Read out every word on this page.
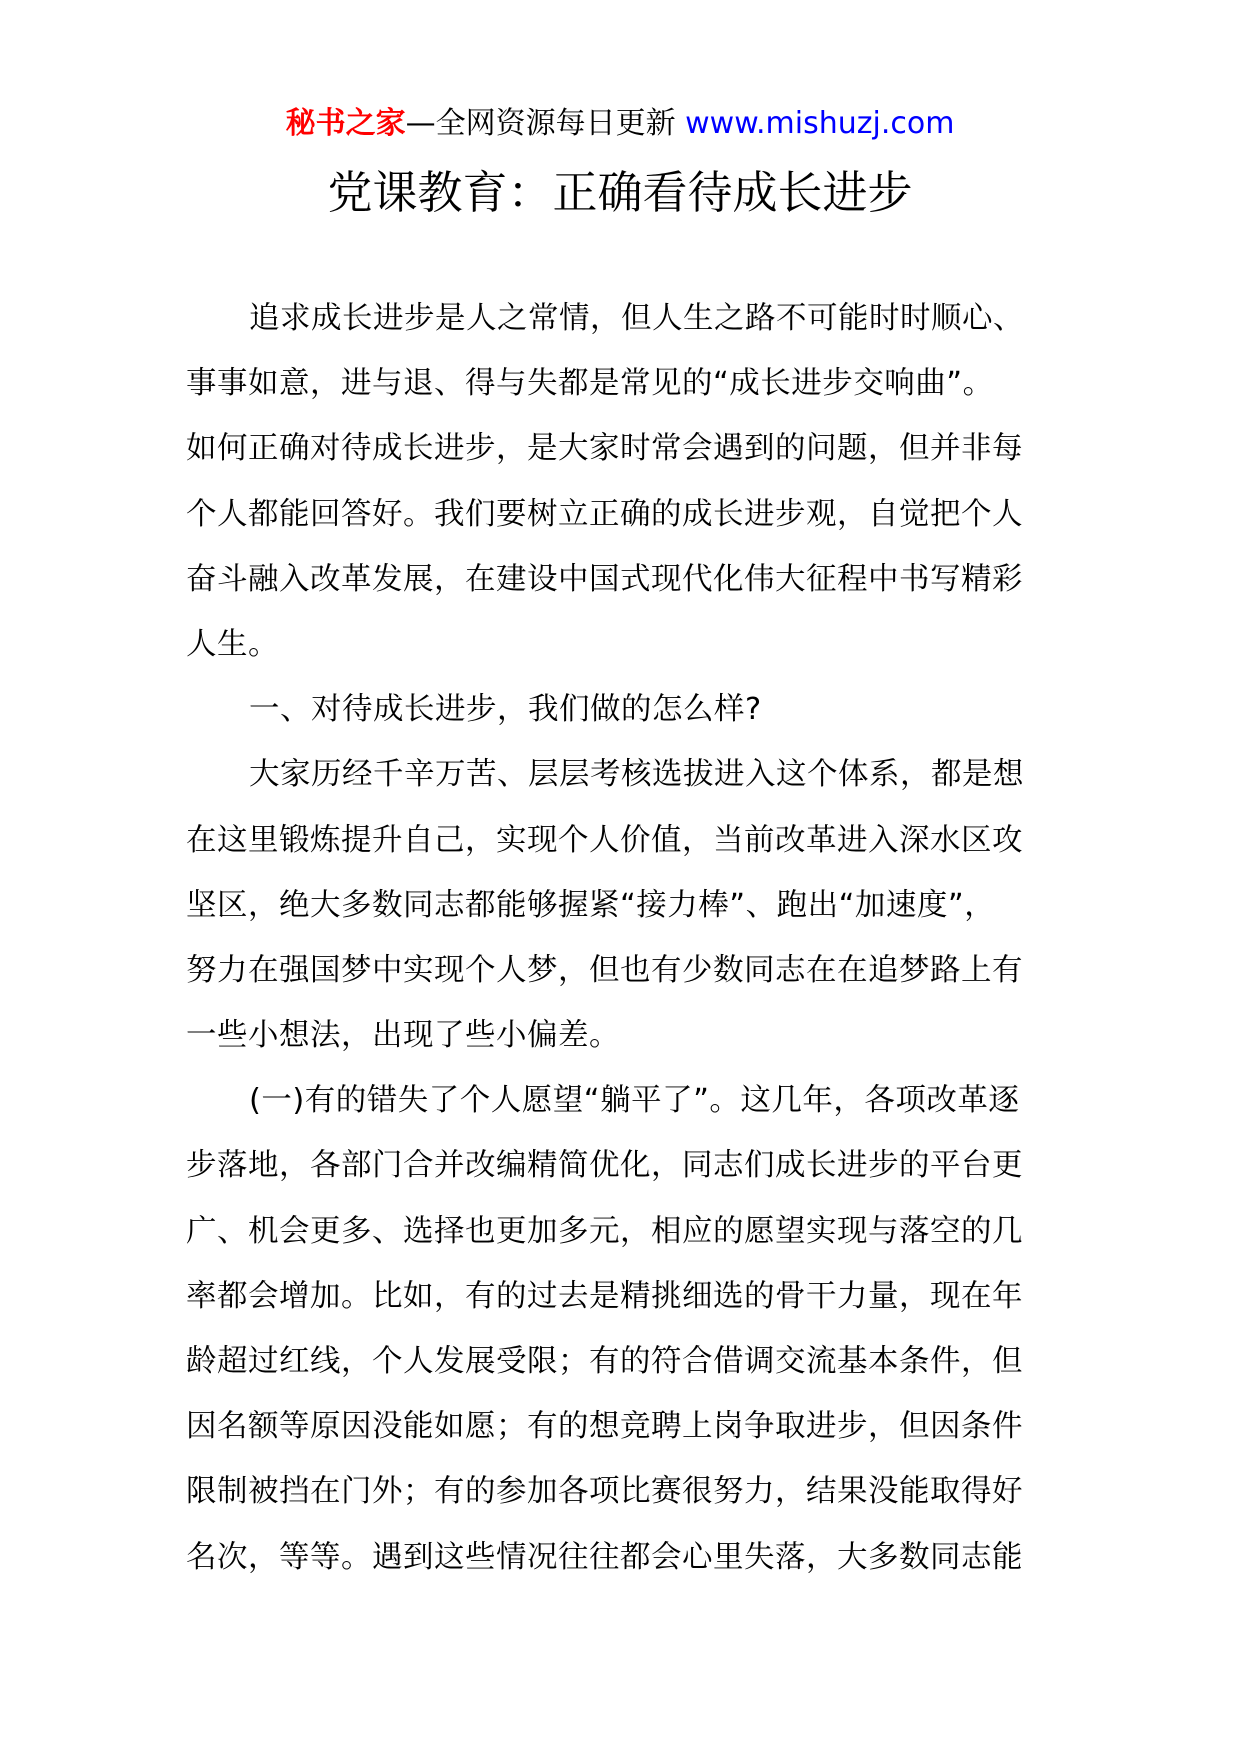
秘书之家—全网资源每日更新 www.mishuzj.com
党课教育：正确看待成长进步

追求成长进步是人之常情，但人生之路不可能时时顺心、
事事如意，进与退、得与失都是常见的“成长进步交响曲”。
如何正确对待成长进步，是大家时常会遇到的问题，但并非每
个人都能回答好。我们要树立正确的成长进步观，自觉把个人
奋斗融入改革发展，在建设中国式现代化伟大征程中书写精彩
人生。

一、对待成长进步，我们做的怎么样?

大家历经千辛万苦、层层考核选拔进入这个体系，都是想
在这里锻炼提升自己，实现个人价值，当前改革进入深水区攻
坚区，绝大多数同志都能够握紧“接力棒”、跑出“加速度”，
努力在强国梦中实现个人梦，但也有少数同志在在追梦路上有
一些小想法，出现了些小偏差。

(一)有的错失了个人愿望“躺平了”。这几年，各项改革逐
步落地，各部门合并改编精简优化，同志们成长进步的平台更
广、机会更多、选择也更加多元，相应的愿望实现与落空的几
率都会增加。比如，有的过去是精挑细选的骨干力量，现在年
龄超过红线，个人发展受限；有的符合借调交流基本条件，但
因名额等原因没能如愿；有的想竞聘上岗争取进步，但因条件
限制被挡在门外；有的参加各项比赛很努力，结果没能取得好
名次，等等。遇到这些情况往往都会心里失落，大多数同志能
